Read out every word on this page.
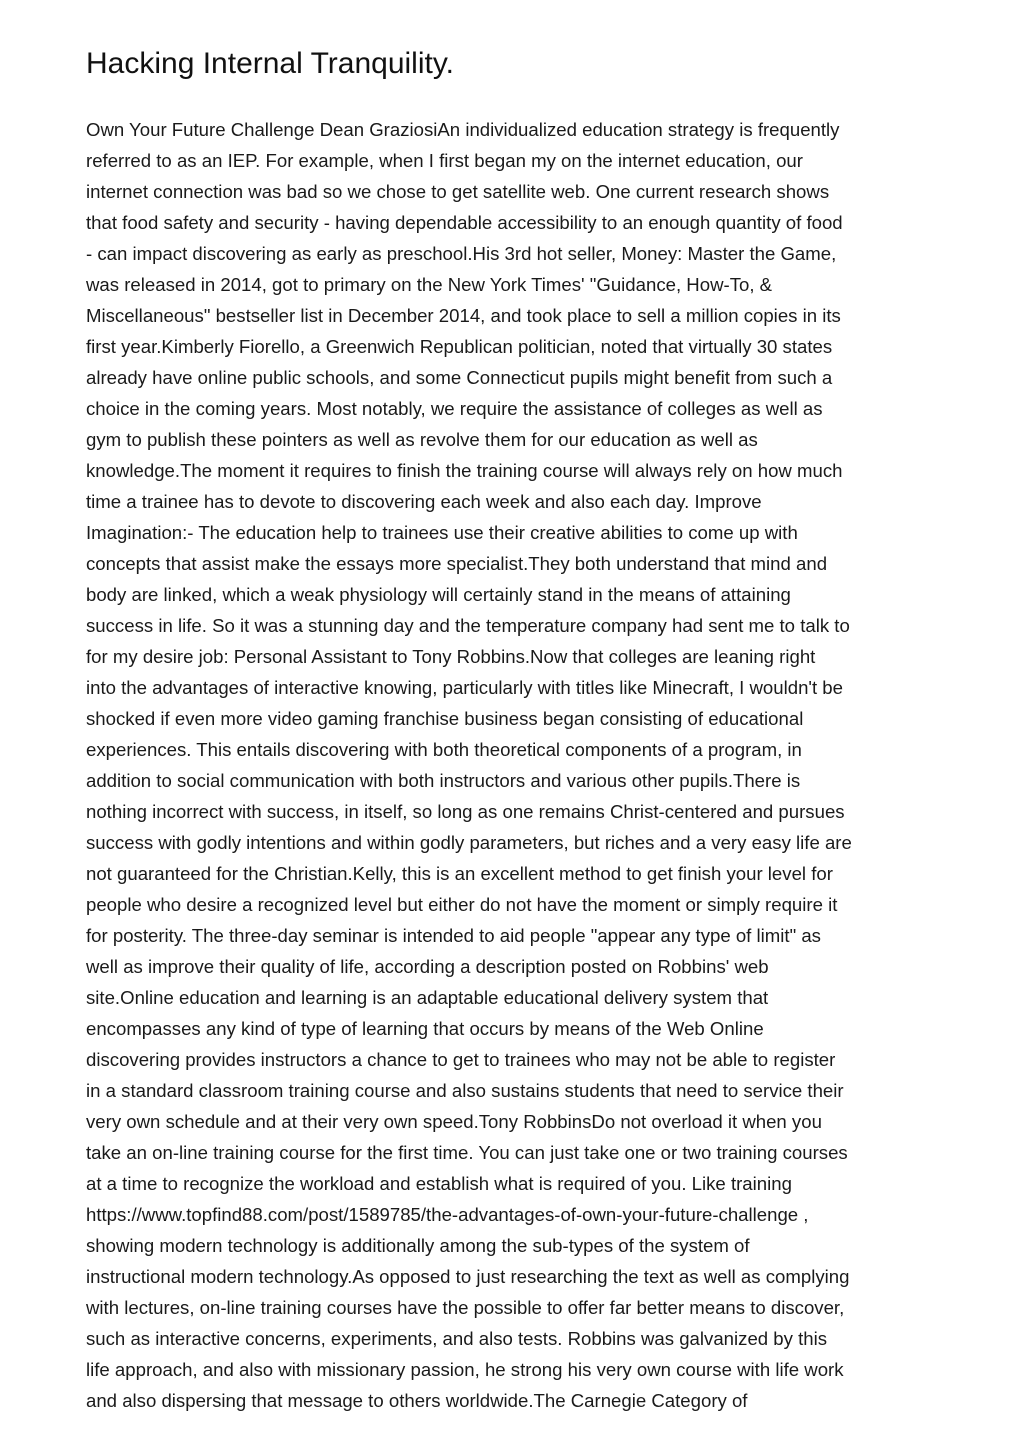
Hacking Internal Tranquility.
Own Your Future Challenge Dean GraziosiAn individualized education strategy is frequently
referred to as an IEP. For example, when I first began my on the internet education, our
internet connection was bad so we chose to get satellite web. One current research shows
that food safety and security - having dependable accessibility to an enough quantity of food
- can impact discovering as early as preschool.His 3rd hot seller, Money: Master the Game,
was released in 2014, got to primary on the New York Times' "Guidance, How-To, &
Miscellaneous" bestseller list in December 2014, and took place to sell a million copies in its
first year.Kimberly Fiorello, a Greenwich Republican politician, noted that virtually 30 states
already have online public schools, and some Connecticut pupils might benefit from such a
choice in the coming years. Most notably, we require the assistance of colleges as well as
gym to publish these pointers as well as revolve them for our education as well as
knowledge.The moment it requires to finish the training course will always rely on how much
time a trainee has to devote to discovering each week and also each day. Improve
Imagination:- The education help to trainees use their creative abilities to come up with
concepts that assist make the essays more specialist.They both understand that mind and
body are linked, which a weak physiology will certainly stand in the means of attaining
success in life. So it was a stunning day and the temperature company had sent me to talk to
for my desire job: Personal Assistant to Tony Robbins.Now that colleges are leaning right
into the advantages of interactive knowing, particularly with titles like Minecraft, I wouldn't be
shocked if even more video gaming franchise business began consisting of educational
experiences. This entails discovering with both theoretical components of a program, in
addition to social communication with both instructors and various other pupils.There is
nothing incorrect with success, in itself, so long as one remains Christ-centered and pursues
success with godly intentions and within godly parameters, but riches and a very easy life are
not guaranteed for the Christian.Kelly, this is an excellent method to get finish your level for
people who desire a recognized level but either do not have the moment or simply require it
for posterity. The three-day seminar is intended to aid people "appear any type of limit" as
well as improve their quality of life, according a description posted on Robbins' web
site.Online education and learning is an adaptable educational delivery system that
encompasses any kind of type of learning that occurs by means of the Web Online
discovering provides instructors a chance to get to trainees who may not be able to register
in a standard classroom training course and also sustains students that need to service their
very own schedule and at their very own speed.Tony RobbinsDo not overload it when you
take an on-line training course for the first time. You can just take one or two training courses
at a time to recognize the workload and establish what is required of you. Like training
https://www.topfind88.com/post/1589785/the-advantages-of-own-your-future-challenge ,
showing modern technology is additionally among the sub-types of the system of
instructional modern technology.As opposed to just researching the text as well as complying
with lectures, on-line training courses have the possible to offer far better means to discover,
such as interactive concerns, experiments, and also tests. Robbins was galvanized by this
life approach, and also with missionary passion, he strong his very own course with life work
and also dispersing that message to others worldwide.The Carnegie Category of
